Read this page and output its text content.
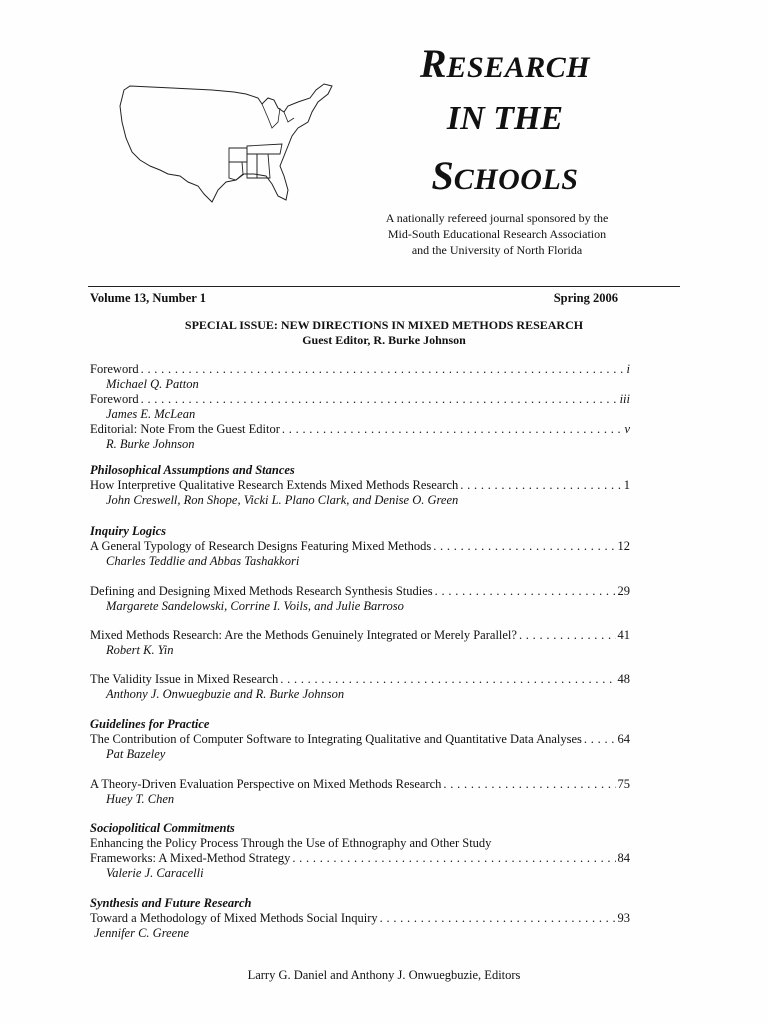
RESEARCH
IN THE
SCHOOLS
A nationally refereed journal sponsored by the
Mid-South Educational Research Association
and the University of North Florida
Volume 13, Number 1	Spring 2006
SPECIAL ISSUE: NEW DIRECTIONS IN MIXED METHODS RESEARCH
Guest Editor, R. Burke Johnson
Foreword . . .	i
Michael Q. Patton
Foreword . . .	iii
James E. McLean
Editorial: Note From the Guest Editor . . .	v
R. Burke Johnson
Philosophical Assumptions and Stances
How Interpretive Qualitative Research Extends Mixed Methods Research . . .	1
John Creswell, Ron Shope, Vicki L. Plano Clark, and Denise O. Green
Inquiry Logics
A General Typology of Research Designs Featuring Mixed Methods . . .	12
Charles Teddlie and Abbas Tashakkori
Defining and Designing Mixed Methods Research Synthesis Studies . . .	29
Margarete Sandelowski, Corrine I. Voils, and Julie Barroso
Mixed Methods Research: Are the Methods Genuinely Integrated or Merely Parallel? . . .	41
Robert K. Yin
The Validity Issue in Mixed Research . . .	48
Anthony J. Onwuegbuzie and R. Burke Johnson
Guidelines for Practice
The Contribution of Computer Software to Integrating Qualitative and Quantitative Data Analyses . . .	64
Pat Bazeley
A Theory-Driven Evaluation Perspective on Mixed Methods Research . . .	75
Huey T. Chen
Sociopolitical Commitments
Enhancing the Policy Process Through the Use of Ethnography and Other Study
Frameworks: A Mixed-Method Strategy . . .	84
Valerie J. Caracelli
Synthesis and Future Research
Toward a Methodology of Mixed Methods Social Inquiry . . .	93
Jennifer C. Greene
Larry G. Daniel and Anthony J. Onwuegbuzie, Editors
